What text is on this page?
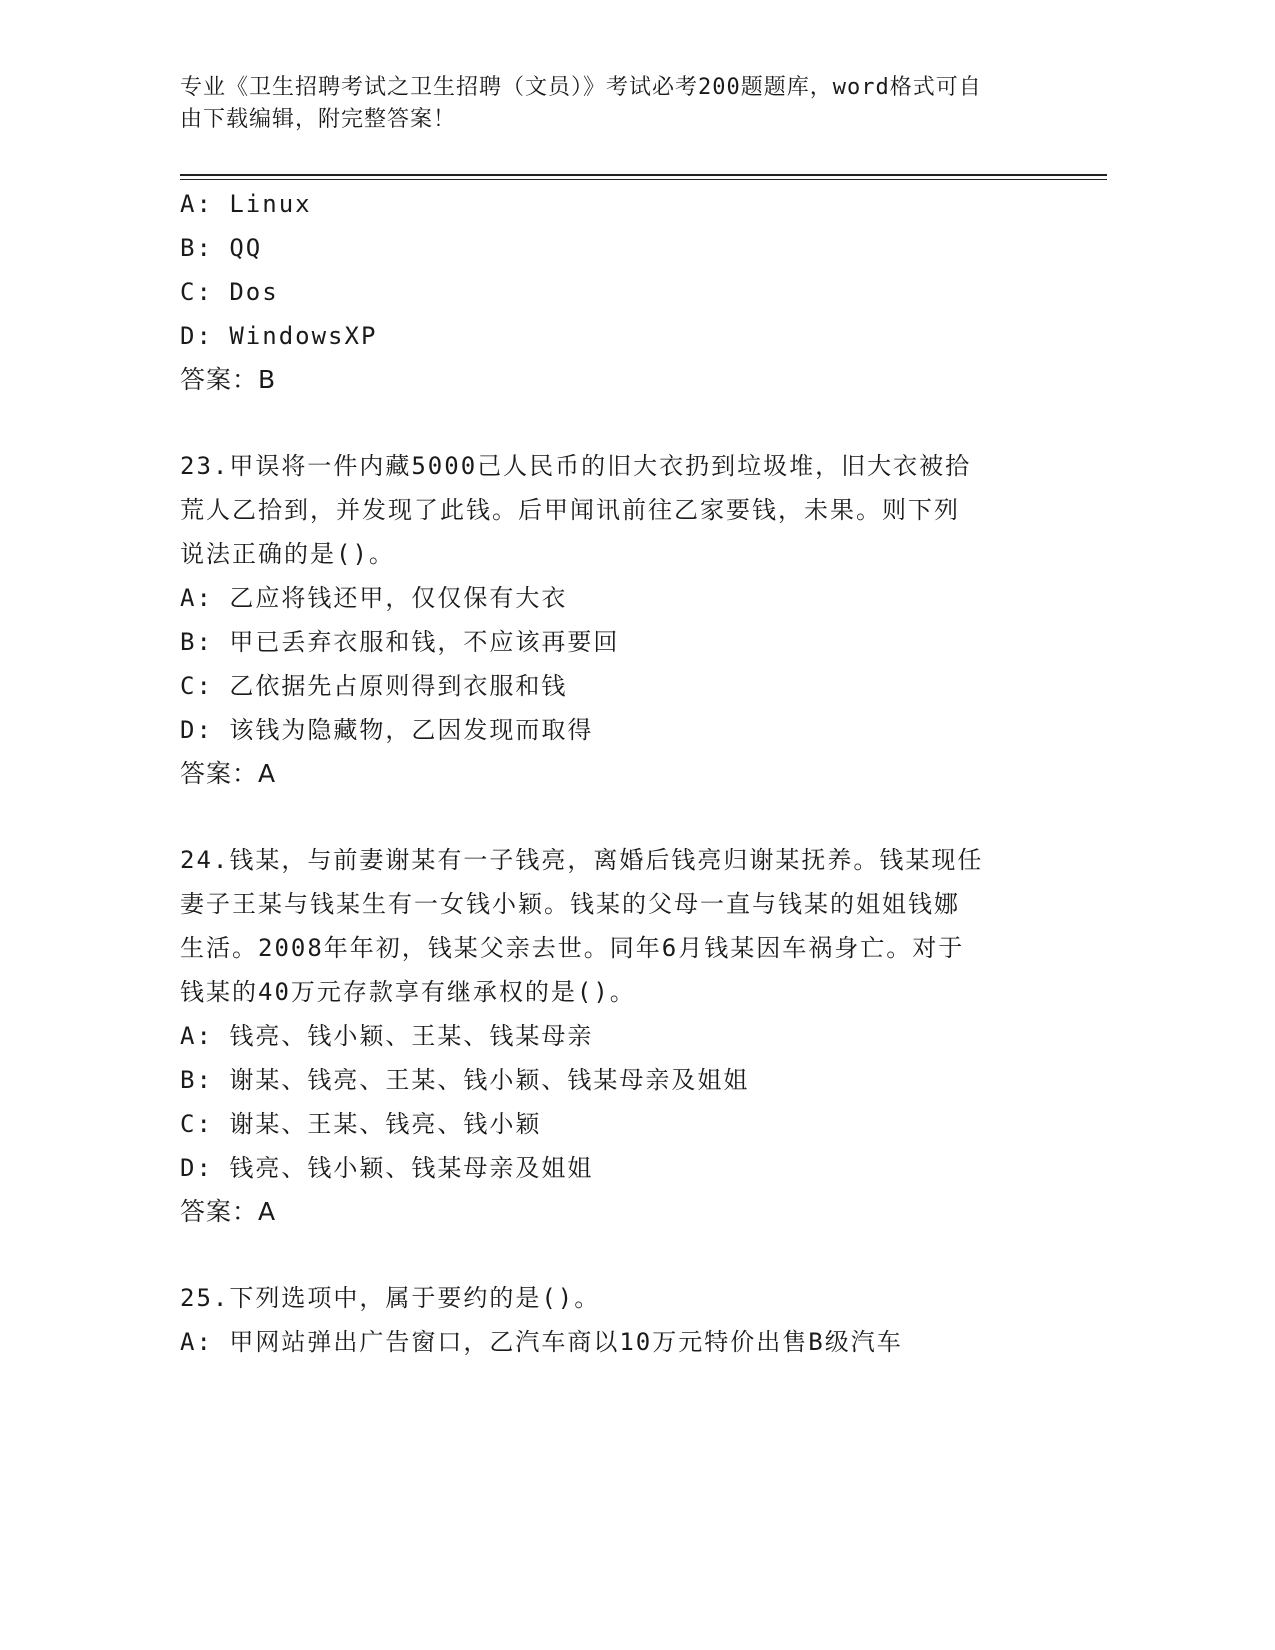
专业《卫生招聘考试之卫生招聘（文员）》考试必考200题题库，word格式可自
由下载编辑，附完整答案！
A: Linux
B: QQ
C: Dos
D: WindowsXP
答案：B
23.甲误将一件内藏5000己人民币的旧大衣扔到垃圾堆，旧大衣被拾
荒人乙拾到，并发现了此钱。后甲闻讯前往乙家要钱，未果。则下列
说法正确的是()。
A: 乙应将钱还甲，仅仅保有大衣
B: 甲已丢弃衣服和钱，不应该再要回
C: 乙依据先占原则得到衣服和钱
D: 该钱为隐藏物，乙因发现而取得
答案：A
24.钱某，与前妻谢某有一子钱亮，离婚后钱亮归谢某抚养。钱某现任
妻子王某与钱某生有一女钱小颖。钱某的父母一直与钱某的姐姐钱娜
生活。2008年年初，钱某父亲去世。同年6月钱某因车祸身亡。对于
钱某的40万元存款享有继承权的是()。
A: 钱亮、钱小颖、王某、钱某母亲
B: 谢某、钱亮、王某、钱小颖、钱某母亲及姐姐
C: 谢某、王某、钱亮、钱小颖
D: 钱亮、钱小颖、钱某母亲及姐姐
答案：A
25.下列选项中，属于要约的是()。
A: 甲网站弹出广告窗口，乙汽车商以10万元特价出售B级汽车
